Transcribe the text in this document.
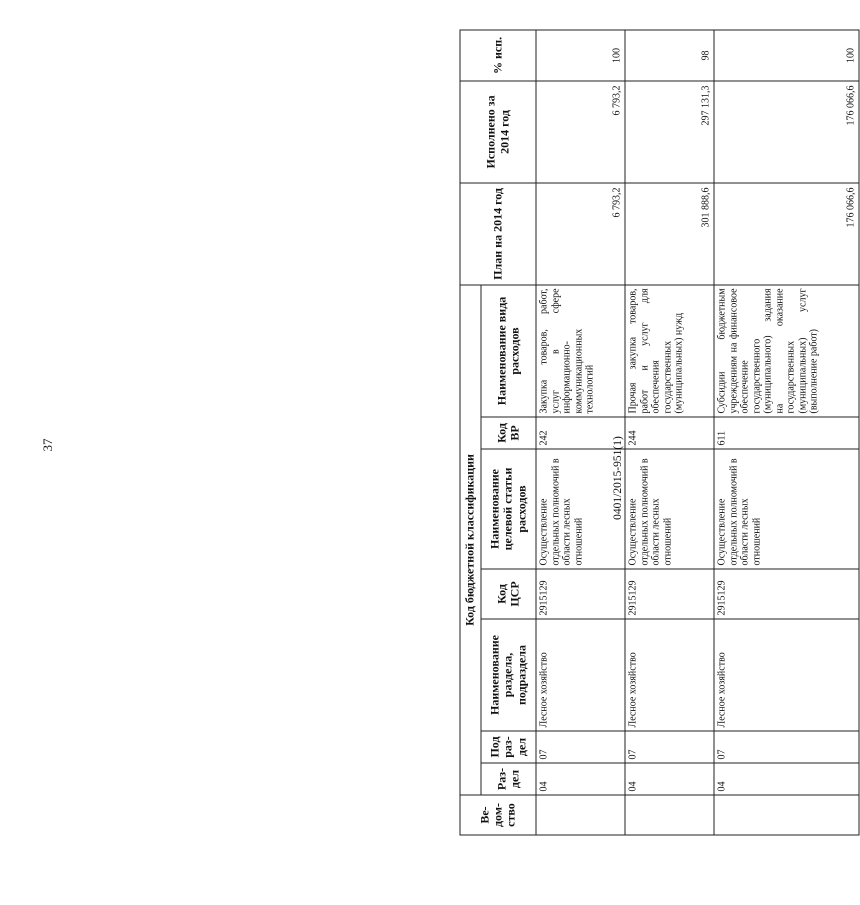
37
Ве-дом-ство	Код бюджетной классификации							План на 2014 год	Исполнено за 2014 год	% исп.
	Раз-дел	Под раз-дел	Наименование раздела, подраздела	Код ЦСР	Наименование целевой статьи расходов	Код ВР	Наименование вида расходов			
	04	07	Лесное хозяйство	2915129	Осуществление отдельных полномочий в области лесных отношений	242	Закупка товаров, работ, услуг в сфере информационно-коммуникационных технологий	6 793,2	6 793,2	100
	04	07	Лесное хозяйство	2915129	Осуществление отдельных полномочий в области лесных отношений	244	Прочая закупка товаров, работ и услуг для обеспечения государственных (муниципальных) нужд	301 888,6	297 131,3	98
	04	07	Лесное хозяйство	2915129	Осуществление отдельных полномочий в области лесных отношений	611	Субсидии бюджетным учреждениям на финансовое обеспечение государственного (муниципального) задания на оказание государственных (муниципальных) услуг (выполнение работ)	176 066,6	176 066,6	100
0401/2015-951(1)
